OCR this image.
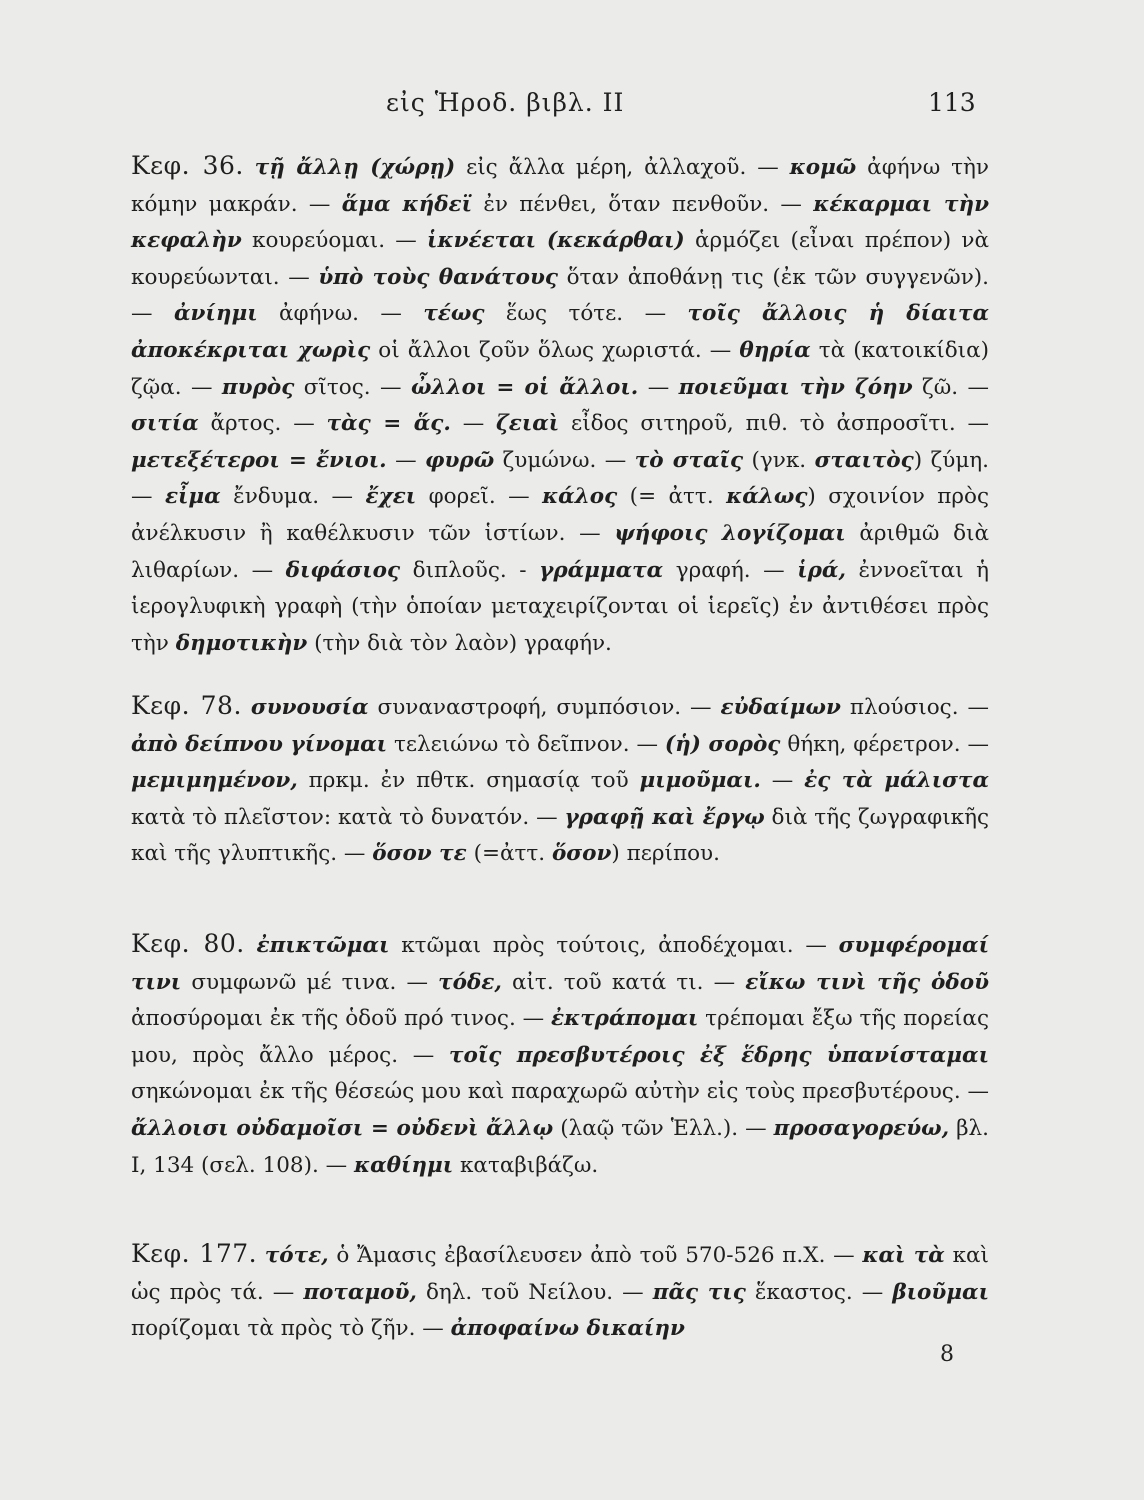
εἰς Ἡροδ. βιβλ. II	113
Κεφ. 36. τῇ ἄλλῃ (χώρῃ) εἰς ἄλλα μέρη, ἀλλαχοῦ. — κομῶ ἀφήνω τὴν κόμην μακράν. — ἅμα κήδεϊ ἐν πένθει, ὅταν πενθοῦν. — κέκαρμαι τὴν κεφαλὴν κουρεύομαι. — ἱκνέεται (κεκάρθαι) ἁρμόζει (εἶναι πρέπον) νὰ κουρεύωνται. — ὑπὸ τοὺς θανάτους ὅταν ἀποθάνῃ τις (ἐκ τῶν συγγενῶν). — ἀνίημι ἀφήνω. — τέως ἕως τότε. — τοῖς ἄλλοις ἡ δίαιτα ἀποκέκριται χωρὶς οἱ ἄλλοι ζοῦν ὅλως χωριστά. — θηρία τὰ (κατοικίδια) ζῷα. — πυρὸς σῖτος. — ὦλλοι = οἱ ἄλλοι. — ποιεῦμαι τὴν ζόην ζῶ. — σιτία ἄρτος. — τὰς = ἅς. — ζειαὶ εἶδος σιτηροῦ, πιθ. τὸ ἀσπροσῖτι. — μετεξέτεροι = ἔνιοι. — φυρῶ ζυμώνω. — τὸ σταῖς (γνκ. σταιτὸς) ζύμη. — εἶμα ἔνδυμα. — ἔχει φορεῖ. — κάλος (= ἀττ. κάλως) σχοινίον πρὸς ἀνέλκυσιν ἢ καθέλκυσιν τῶν ἱστίων. — ψήφοις λογίζομαι ἀριθμῶ διὰ λιθαρίων. — διφάσιος διπλοῦς. - γράμματα γραφή. — ἱρά, ἐννοεῖται ἡ ἱερογλυφικὴ γραφὴ (τὴν ὁποίαν μεταχειρίζονται οἱ ἱερεῖς) ἐν ἀντιθέσει πρὸς τὴν δημοτικὴν (τὴν διὰ τὸν λαὸν) γραφήν.
Κεφ. 78. συνουσία συναναστροφή, συμπόσιον. — εὐδαίμων πλούσιος. — ἀπὸ δείπνου γίνομαι τελειώνω τὸ δεῖπνον. — (ἡ) σορὸς θήκη, φέρετρον. — μεμιμημένον, πρκμ. ἐν πθτκ. σημασίᾳ τοῦ μιμοῦμαι. — ἐς τὰ μάλιστα κατὰ τὸ πλεῖστον: κατὰ τὸ δυνατόν. — γραφῇ καὶ ἔργῳ διὰ τῆς ζωγραφικῆς καὶ τῆς γλυπτικῆς. — ὅσον τε (=ἀττ. ὅσον) περίπου.
Κεφ. 80. ἐπικτῶμαι κτῶμαι πρὸς τούτοις, ἀποδέχομαι. — συμφέρομαί τινι συμφωνῶ μέ τινα. — τόδε, αἰτ. τοῦ κατά τι. — εἴκω τινὶ τῆς ὁδοῦ ἀποσύρομαι ἐκ τῆς ὁδοῦ πρό τινος. — ἐκτράπομαι τρέπομαι ἔξω τῆς πορείας μου, πρὸς ἄλλο μέρος. — τοῖς πρεσβυτέροις ἐξ ἕδρης ὑπανίσταμαι σηκώνομαι ἐκ τῆς θέσεώς μου καὶ παραχωρῶ αὐτὴν εἰς τοὺς πρεσβυτέρους. — ἄλλοισι οὐδαμοῖσι = οὐδενὶ ἄλλῳ (λαῷ τῶν Ἑλλ.). — προσαγορεύω, βλ. I, 134 (σελ. 108). — καθίημι καταβιβάζω.
Κεφ. 177. τότε, ὁ Ἄμασις ἐβασίλευσεν ἀπὸ τοῦ 570-526 π.Χ. — καὶ τὰ καὶ ὡς πρὸς τά. — ποταμοῦ, δηλ. τοῦ Νείλου. — πᾶς τις ἕκαστος. — βιοῦμαι πορίζομαι τὰ πρὸς τὸ ζῆν. — ἀποφαίνω δικαίην
8
